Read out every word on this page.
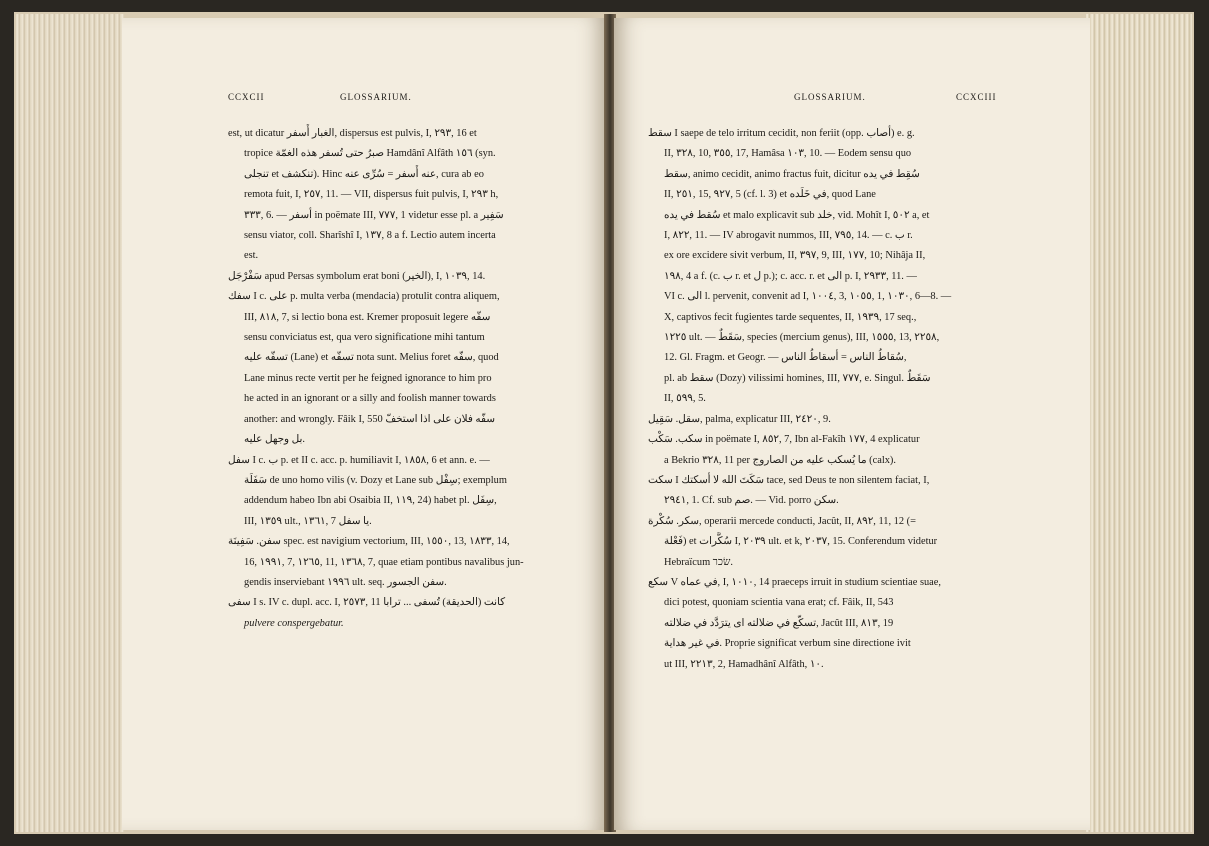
CCXCII	GLOSSARIUM.

est, ut dicatur الغبار أُسفر, dispersus est pulvis, I, ٢٩٣, 16 et

tropice صبرُ حتى تُسفر هذه الغمّة Hamdânî Alfâth ١٥٦ (syn.

تنجلى et تنكشف). Hinc عنه أُسفر = سُرِّى عنه, cura ab eo

remota fuit, I, ٢٥٧, 11. — VII, dispersus fuit pulvis, I, ٢٩٣ h,

٣٣٣, 6. — أسفر in poëmate III, ٧٧٧, 1 videtur esse pl. a سَفِير

sensu viator, coll. Sharîshî I, ١٣٧, 8 a f. Lectio autem incerta

est.

سَفْرْجَل apud Persas symbolum erat boni (الخير), I, ١٠٣٩, 14.

سفك I c. على p. multa verba (mendacia) protulit contra aliquem,

III, ٨١٨, 7, si lectio bona est. Kremer proposuit legere سفّه

sensu conviciatus est, qua vero significatione mihi tantum

تسفّه عليه (Lane) et تسفّه nota sunt. Melius foret سفّه, quod

Lane minus recte vertit per he feigned ignorance to him pro

he acted in an ignorant or a silly and foolish manner towards

another: and wrongly. Fâik I, 550 سفّه فلان على اذا استخفّ

بل وجهل عليه.

سفل I c. ب p. et II c. acc. p. humiliavit I, ١٨٥٨, 6 et ann. e. —

سَفَلَة de uno homo vilis (v. Dozy et Lane sub سِفْل; exemplum

addendum habeo Ibn abi Osaibia II, ١١٩, 24) habet pl. سِفَل,

III, ١٣٥٩ ult., ١٣٦١, 7 يا سفل.

سفن. سَفِينَة spec. est navigium vectorium, III, ١٥٥٠, 13, ١٨٣٣, 14,

16, ١٩٩١, 7, ١٢٦٥, 11, ١٣٦٨, 7, quae etiam pontibus navalibus jun-

gendis inserviebant ١٩٩٦ ult. seq. سفن الجسور.

سفى I s. IV c. dupl. acc. I, ٢٥٧٣, 11 كانت (الحديقة) تُسفى ... ترابا

pulvere conspergebatur.

GLOSSARIUM.	CCXCIII

سقط I saepe de telo irritum cecidit, non feriit (opp. أصاب) e. g.

II, ٣٢٨, 10, ٣٥٥, 17, Hamâsa ١٠٣, 10. — Eodem sensu quo

سقط, animo cecidit, animo fractus fuit, dicitur سُقِط في يده

II, ٢٥١, 15, ٩٢٧, 5 (cf. l. 3) et في خَلَده, quod Lane

سُقط في يده et malo explicavit sub خلد, vid. Mohît I, ٥٠٢ a, et

I, ٨٢٢, 11. — IV abrogavit nummos, III, ٧٩٥, 14. — c. ب r.

ex ore excidere sivit verbum, II, ٣٩٧, 9, III, ١٧٧, 10; Nihâja II,

١٩٨, 4 a f. (c. ب r. et ل p.); c. acc. r. et الى p. I, ٢٩٣٣, 11. —

VI c. الى l. pervenit, convenit ad I, ١٠٠٤, 3, ١٠٥٥, 1, ١٠٣٠, 6—8. —

X, captivos fecit fugientes tarde sequentes, II, ١٩٣٩, 17 seq.,

١٢٢٥ ult. — سَقَطٌ, species (mercium genus), III, ١٥٥٥, 13, ٢٢٥٨,

12. Gl. Fragm. et Geogr. — سُقاطُ الناس = أسقاطُ الناس,

pl. ab سقط (Dozy) vilissimi homines, III, ٧٧٧, e. Singul. سَقَطٌ

II, ٥٩٩, 5.

سقل. سَقِيل, palma, explicatur III, ٢٤٢٠, 9.

سكب. سَكْب in poëmate I, ٨٥٢, 7, Ibn al-Fakîh ١٧٧, 4 explicatur

a Bekrio ٣٢٨, 11 per ما يُسكب عليه من الصاروج (calx).

سكت I سَكَتَ الله لا أسكتك tace, sed Deus te non silentem faciat, I,

٢٩٤١, 1. Cf. sub صم. — Vid. porro سكن.

سكر. سُكْرة, operarii mercede conducti, Jacût, II, ٨٩٢, 11, 12 (=

فَعْلة) et سُكَّرات I, ٢٠٣٩ ult. et k, ٢٠٣٧, 15. Conferendum videtur

Hebraïcum שׂכר.

سكع V في عماه, I, ١٠١٠, 14 praeceps irruit in studium scientiae suae,

dici potest, quoniam scientia vana erat; cf. Fâik, II, 543

تسكّع في ضلالته ای يترَدَّد في ضلالته, Jacût III, ٨١٣, 19

في غير هداية. Proprie significat verbum sine directione ivit

ut III, ٢٢١٣, 2, Hamadhânî Alfâth, ١٠.
